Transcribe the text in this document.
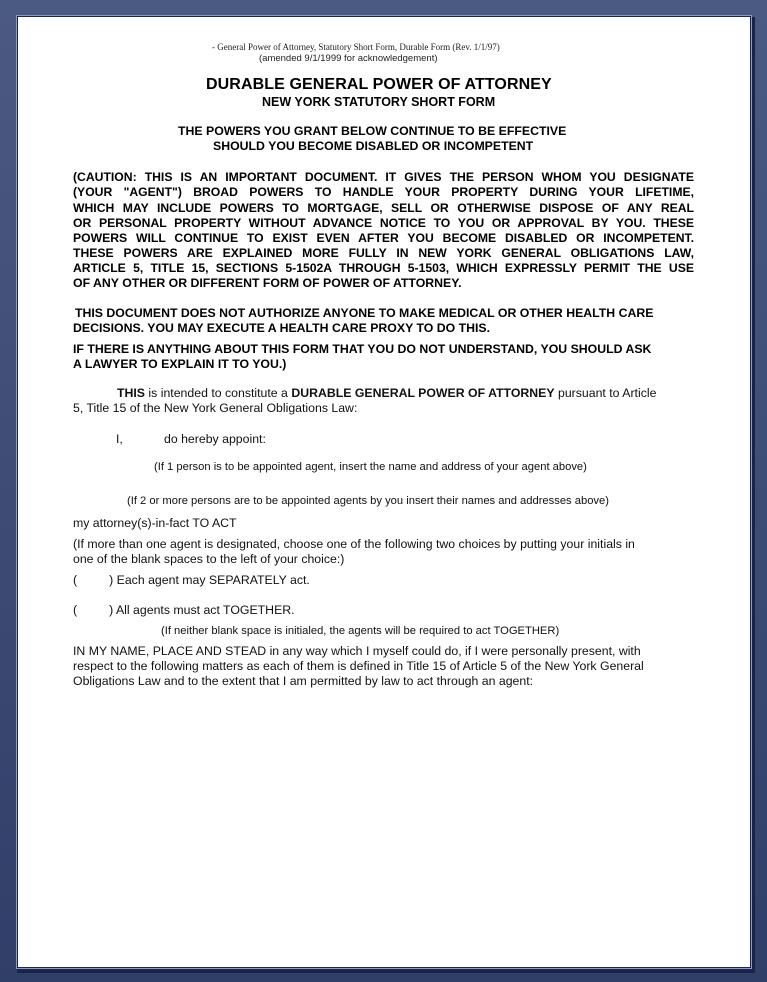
- General Power of Attorney, Statutory Short Form, Durable Form (Rev. 1/1/97)
(amended 9/1/1999 for acknowledgement)
DURABLE GENERAL POWER OF ATTORNEY
NEW YORK STATUTORY SHORT FORM
THE POWERS YOU GRANT BELOW CONTINUE TO BE EFFECTIVE
SHOULD YOU BECOME DISABLED OR INCOMPETENT
(CAUTION: THIS IS AN IMPORTANT DOCUMENT. IT GIVES THE PERSON WHOM YOU DESIGNATE
(YOUR "AGENT") BROAD POWERS TO HANDLE YOUR PROPERTY DURING YOUR LIFETIME,
WHICH MAY INCLUDE POWERS TO MORTGAGE, SELL OR OTHERWISE DISPOSE OF ANY REAL
OR PERSONAL PROPERTY WITHOUT ADVANCE NOTICE TO YOU OR APPROVAL BY YOU. THESE
POWERS WILL CONTINUE TO EXIST EVEN AFTER YOU BECOME DISABLED OR INCOMPETENT.
THESE POWERS ARE EXPLAINED MORE FULLY IN NEW YORK GENERAL OBLIGATIONS LAW,
ARTICLE 5, TITLE 15, SECTIONS 5-1502A THROUGH 5-1503, WHICH EXPRESSLY PERMIT THE USE
OF ANY OTHER OR DIFFERENT FORM OF POWER OF ATTORNEY.
THIS DOCUMENT DOES NOT AUTHORIZE ANYONE TO MAKE MEDICAL OR OTHER HEALTH CARE
DECISIONS. YOU MAY EXECUTE A HEALTH CARE PROXY TO DO THIS.
IF THERE IS ANYTHING ABOUT THIS FORM THAT YOU DO NOT UNDERSTAND, YOU SHOULD ASK
A LAWYER TO EXPLAIN IT TO YOU.)
THIS is intended to constitute a DURABLE GENERAL POWER OF ATTORNEY pursuant to Article
5, Title 15 of the New York General Obligations Law:
I,	do hereby appoint:
(If 1 person is to be appointed agent, insert the name and address of your agent above)
(If 2 or more persons are to be appointed agents by you insert their names and addresses above)
my attorney(s)-in-fact TO ACT
(If more than one agent is designated, choose one of the following two choices by putting your initials in
one of the blank spaces to the left of your choice:)
(	) Each agent may SEPARATELY act.
(	) All agents must act TOGETHER.
(If neither blank space is initialed, the agents will be required to act TOGETHER)
IN MY NAME, PLACE AND STEAD in any way which I myself could do, if I were personally present, with
respect to the following matters as each of them is defined in Title 15 of Article 5 of the New York General
Obligations Law and to the extent that I am permitted by law to act through an agent:
